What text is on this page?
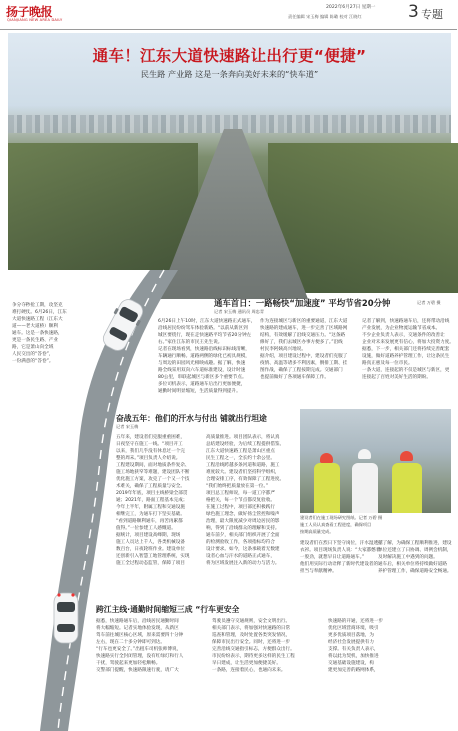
扬子晚报
QIANJIANG NEW AREA DAILY
2022年6月27日 星期一
责任编辑 宋玉梅 编辑 陈璐 校对 江晓红	3 专题
通车！江东大道快速路让出行更“便捷”
民生路 产业路 这是一条奔向美好未来的“快车道”
记者 万碧 摄
争分夺秒抢工期，攻坚克
难打硬仗。6月26日，江东
大道快速路工程（江东大
道——老大道桥）顺利
通车。这是一条快速路，
更是一条民生路、产业
路，它是萧山向全域
人民交出的“答卷”，
一份满意的“答卷”。
通车首日：一路畅快“加速度” 平均节省20分钟
记者 宋玉梅 通讯员 周忠青
6月26日上午10时，江东大道快速路正式通车，
沿线居民纷纷驾车体验新路。“以前从新区到
城区要绕行，现在走快速路平均节省20分钟左
右。”家住江东的市民王先生说。
记者在现场看到，快速路沿线标识标线清晰，
车辆通行顺畅。道路两侧的绿化已初具规模，
与周边的田园风光相映成趣。据了解，快速
路全线采用双向六车道标准建设，设计时速
80公里，串联起城区与新区多个重要节点。
多位司机表示，道路通车后出行更加便捷，
通勤时间明显缩短，生活质量得到提升。
作为连接城区与新区的重要通道，江东大道
快速路的建成通车，进一步完善了区域路网
结构，有效缓解了沿线交通压力。“这条路
修好了，我们去城区办事方便多了。”沿线
村民李阿姨高兴地说。
据介绍，项目建设过程中，建设者们克服了
疫情、高温等诸多不利因素，倒排工期、挂
图作战，确保了工程按期完成。交通部门
也提前做好了各项通车保障工作。
记者了解到，快速路通车后，还将带动沿线
产业发展，为企业物流运输节省成本。
不少企业负责人表示，交通条件的改善让
企业对未来发展更有信心，将加大投资力度。
据悉，下一步，相关部门还将持续完善配套
设施，做好道路养护管理工作，让这条民生
路真正惠及每一位市民。
一条大道，连接起的不仅是城区与新区，更
连接起了百姓对美好生活的期盼。
奋战五年：他们的汗水与付出 铺就出行坦途
记者 宋玉梅
五年来，建设者们克服重重困难，
日夜坚守在施工一线。“项目开工
以来，我们几乎没有休息过一个完
整的周末。”项目负责人介绍说。
工程建设期间，面对地质条件复杂、
施工场地狭窄等难题，建设团队不断
优化施工方案，攻克了一个又一个技
术难关，确保了工程质量与安全。
2019年年底，项目主线桥梁全部贯
通；2021年，路面工程基本完成；
今年上半年，附属工程和交通设施
相继完工，为通车打下坚实基础。
“看到道路顺利通车，再苦再累都
值得。”一位参建工人感慨道。
据统计，项目建设高峰期，现场
施工人员达上千人，各类机械设备
数百台，日夜轮班作业。建设单位
还创新引入智慧工地管理系统，实现
施工全过程动态监管，保障了项目
高质量推进。项目团队表示，将认真
总结建设经验，为后续工程提供借鉴。
江东大道快速路工程是萧山区重点
民生工程之一，全长约十余公里。
工程沿线跨越多条河道和道路，施工
难度较大。建设者们坚持科学组织，
合理安排工序，有效保障了工程进度。
“我们始终把质量放在第一位。”
项目总工程师说，每一道工序都严
格把关，每一个节点都反复验收。
在施工过程中，项目部还积极践行
绿色施工理念，做好扬尘管控和噪声
治理，最大限度减少对周边居民的影
响，得到了沿线群众的理解和支持。
通车前夕，相关部门组织开展了全面
的检测验收工作，各项指标均符合
设计要求。如今，这条承载着无数建
设者心血与汗水的道路正式通车，
将为区域发展注入新的动力与活力。
建设者们在烈日下坚守岗位，汗水湿透了
衣衫。项目现场负责人说：“大家都憋着
一股劲，就想早日让道路通车。”
他们用实际行动诠释了新时代建设者的
担当与奉献精神。
据了解，为确保工程顺利推进，建设
单位还建立了日协调、周例会机制，
及时解决施工中遇到的问题。
通车后，相关单位将持续做好道路
养护管理工作，确保道路安全畅通。
建设者们在施工现场研究图纸。记者 万碧 摄
施工人员认真查看工程进度，确保项目
按期高质量完成。
跨江主线·通勤时间缩短三成 “行车更安全
据悉，快速路通车后，沿线居民通勤时间
将大幅缩短。记者实地体验发现，从新区
驾车前往城区核心区域，原来需要四十分钟
左右，现在二十多分钟即可到达。
“行车也更安全了。”出租车司机张师傅说，
快速路实行全封闭管理，没有红绿灯和行人
干扰，驾驶起来更加轻松顺畅。
交警部门提醒，快速路限速行驶，请广大
驾驶员遵守交通规则，安全文明出行。
相关部门表示，将加强对快速路的日常
巡查和管理，及时处置各类突发情况，
保障市民出行安全。同时，还将进一步
完善沿线交通指引标志，方便群众出行。
市民纷纷表示，期待更多这样的民生工程
早日建成，让生活更加便捷美好。
一条路，连接着民心，也通向未来。
快速路的开通，还将进一步
优化区域营商环境，吸引
更多优质项目落地，为
经济社会发展提供有力
支撑。有关负责人表示，
将以此为契机，加快推进
交通基础设施建设，构
建更加完善的路网体系，
